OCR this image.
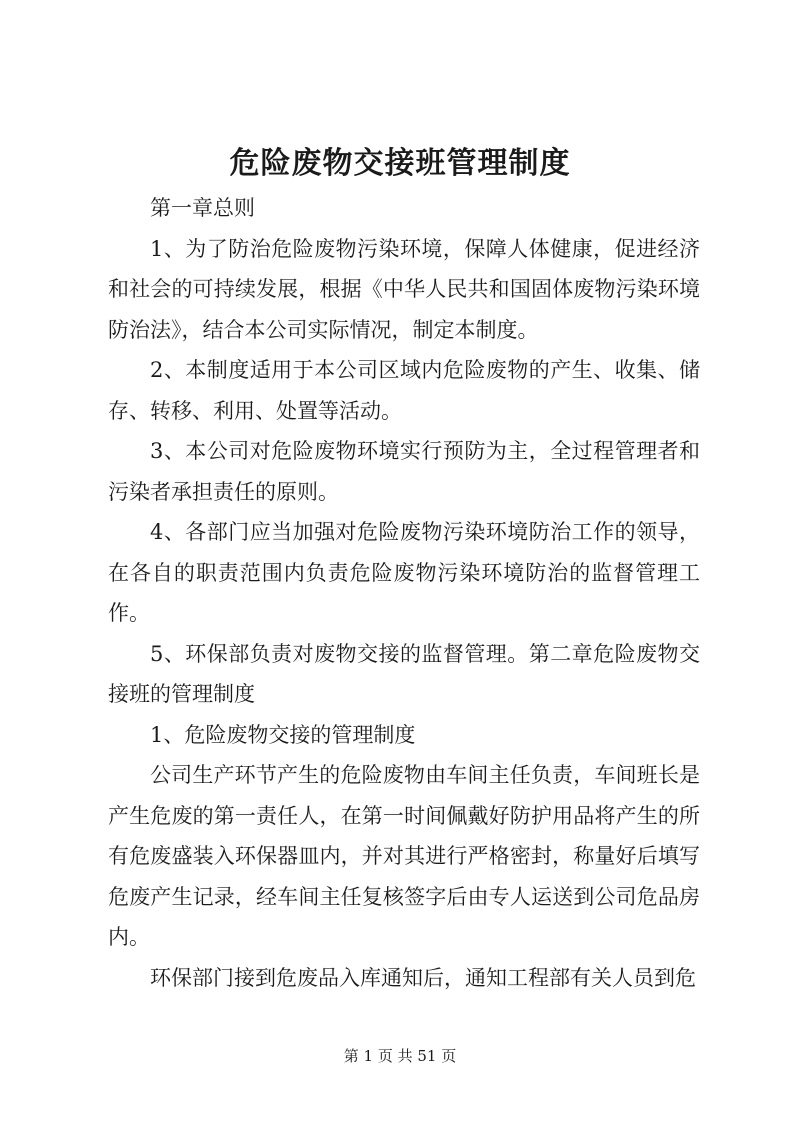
危险废物交接班管理制度

第一章总则

1、为了防治危险废物污染环境，保障人体健康，促进经济和社会的可持续发展，根据《中华人民共和国固体废物污染环境防治法》，结合本公司实际情况，制定本制度。

2、本制度适用于本公司区域内危险废物的产生、收集、储存、转移、利用、处置等活动。

3、本公司对危险废物环境实行预防为主，全过程管理者和污染者承担责任的原则。

4、各部门应当加强对危险废物污染环境防治工作的领导，在各自的职责范围内负责危险废物污染环境防治的监督管理工作。

5、环保部负责对废物交接的监督管理。第二章危险废物交接班的管理制度

1、危险废物交接的管理制度

公司生产环节产生的危险废物由车间主任负责，车间班长是产生危废的第一责任人，在第一时间佩戴好防护用品将产生的所有危废盛装入环保器皿内，并对其进行严格密封，称量好后填写危废产生记录，经车间主任复核签字后由专人运送到公司危品房内。

环保部门接到危废品入库通知后，通知工程部有关人员到危

第 1 页 共 51 页
